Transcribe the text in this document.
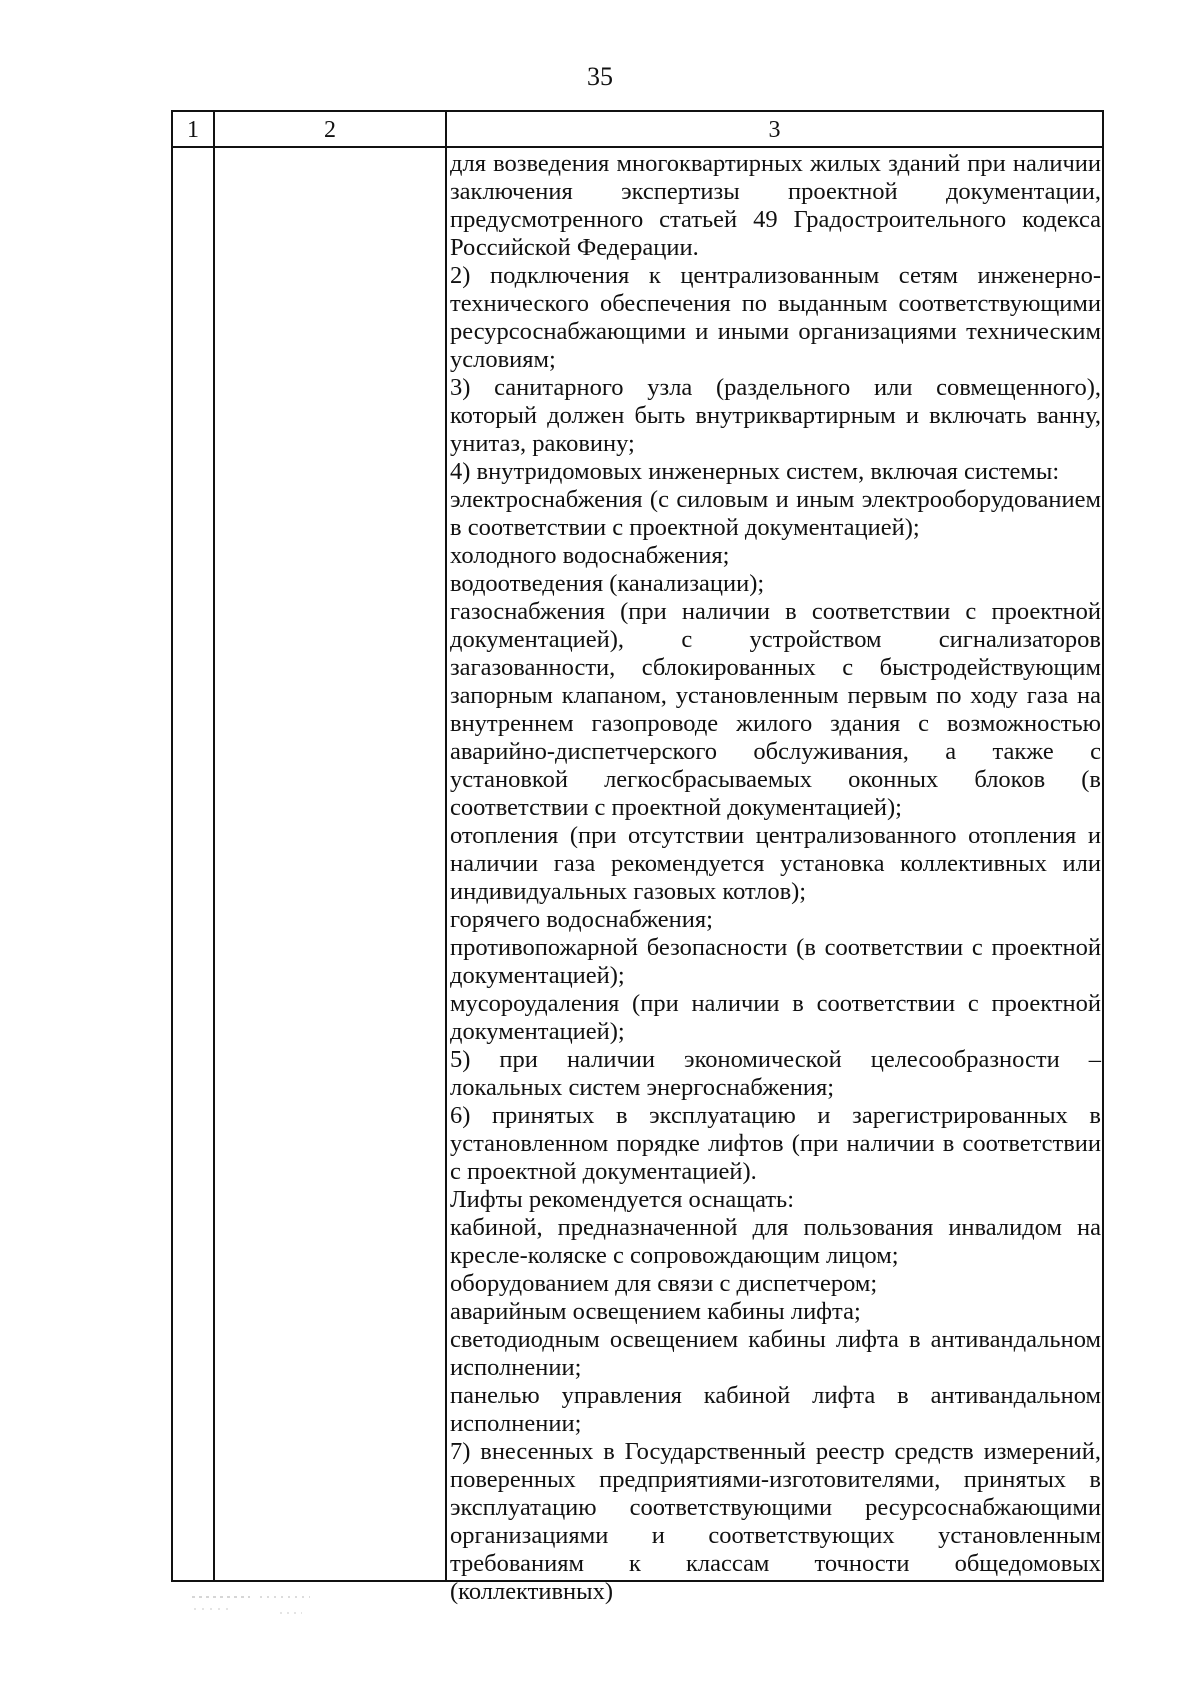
35
1	2	3

для возведения многоквартирных жилых зданий при наличии заключения экспертизы проектной документации, предусмотренного статьей 49 Градостроительного кодекса Российской Федерации.

2) подключения к централизованным сетям инженерно-технического обеспечения по выданным соответствующими ресурсоснабжающими и иными организациями техническим условиям;

3) санитарного узла (раздельного или совмещенного), который должен быть внутриквартирным и включать ванну, унитаз, раковину;

4) внутридомовых инженерных систем, включая системы:

электроснабжения (с силовым и иным электрооборудованием в соответствии с проектной документацией);

холодного водоснабжения;

водоотведения (канализации);

газоснабжения (при наличии в соответствии с проектной документацией), с устройством сигнализаторов загазованности, сблокированных с быстродействующим запорным клапаном, установленным первым по ходу газа на внутреннем газопроводе жилого здания с возможностью аварийно-диспетчерского обслуживания, а также с установкой легкосбрасываемых оконных блоков (в соответствии с проектной документацией);

отопления (при отсутствии централизованного отопления и наличии газа рекомендуется установка коллективных или индивидуальных газовых котлов);

горячего водоснабжения;

противопожарной безопасности (в соответствии с проектной документацией);

мусороудаления (при наличии в соответствии с проектной документацией);

5) при наличии экономической целесообразности – локальных систем энергоснабжения;

6) принятых в эксплуатацию и зарегистрированных в установленном порядке лифтов (при наличии в соответствии с проектной документацией).

Лифты рекомендуется оснащать:

кабиной, предназначенной для пользования инвалидом на кресле-коляске с сопровождающим лицом;

оборудованием для связи с диспетчером;

аварийным освещением кабины лифта;

светодиодным освещением кабины лифта в антивандальном исполнении;

панелью управления кабиной лифта в антивандальном исполнении;

7) внесенных в Государственный реестр средств измерений, поверенных предприятиями-изготовителями, принятых в эксплуатацию соответствующими ресурсоснабжающими организациями и соответствующих установленным требованиям к классам точности общедомовых (коллективных)
